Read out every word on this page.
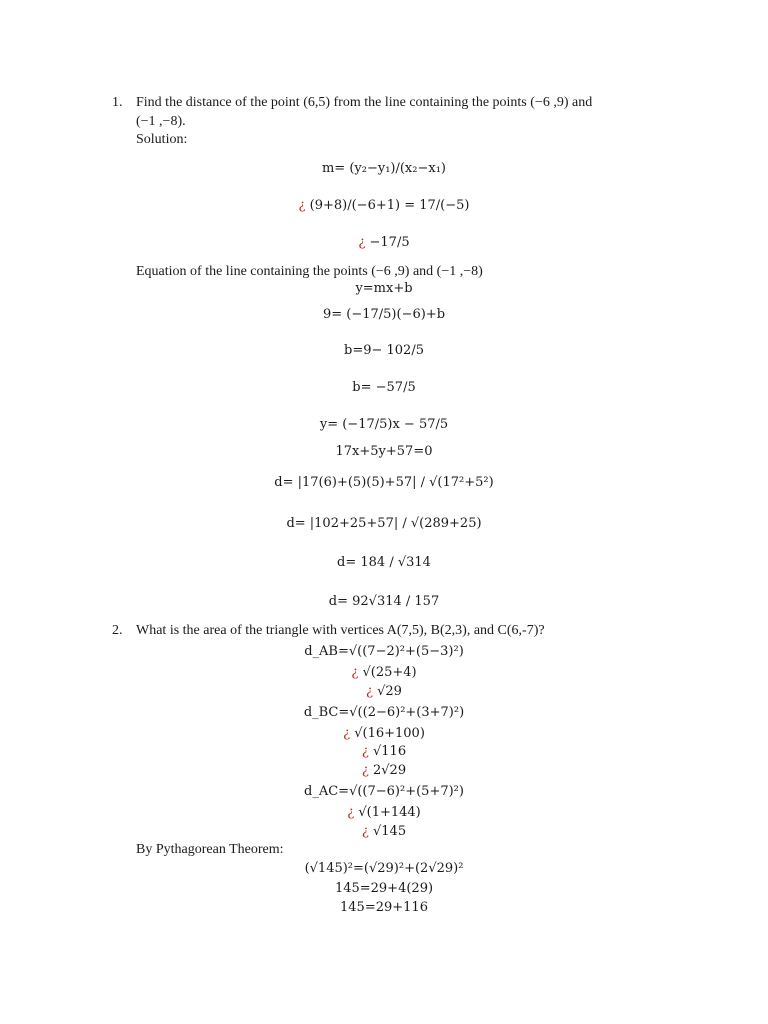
1. Find the distance of the point (6,5) from the line containing the points (−6 ,9) and
(−1 ,−8).
Solution:
m= (y₂−y₁)/(x₂−x₁)
¿ (9+8)/(−6+1) = 17/(−5)
¿ −17/5
Equation of the line containing the points (−6 ,9) and (−1 ,−8)
y=mx+b
9= (−17/5)(−6)+b
b=9− 102/5
b= −57/5
y= (−17/5)x − 57/5
17x+5y+57=0
d= |17(6)+(5)(5)+57| / √(17²+5²)
d= |102+25+57| / √(289+25)
d= 184 / √314
d= 92√314 / 157
2. What is the area of the triangle with vertices A(7,5), B(2,3), and C(6,-7)?
d_AB=√((7−2)²+(5−3)²)
¿ √(25+4)
¿ √29
d_BC=√((2−6)²+(3+7)²)
¿ √(16+100)
¿ √116
¿ 2√29
d_AC=√((7−6)²+(5+7)²)
¿ √(1+144)
¿ √145
By Pythagorean Theorem:
(√145)²=(√29)²+(2√29)²
145=29+4(29)
145=29+116
